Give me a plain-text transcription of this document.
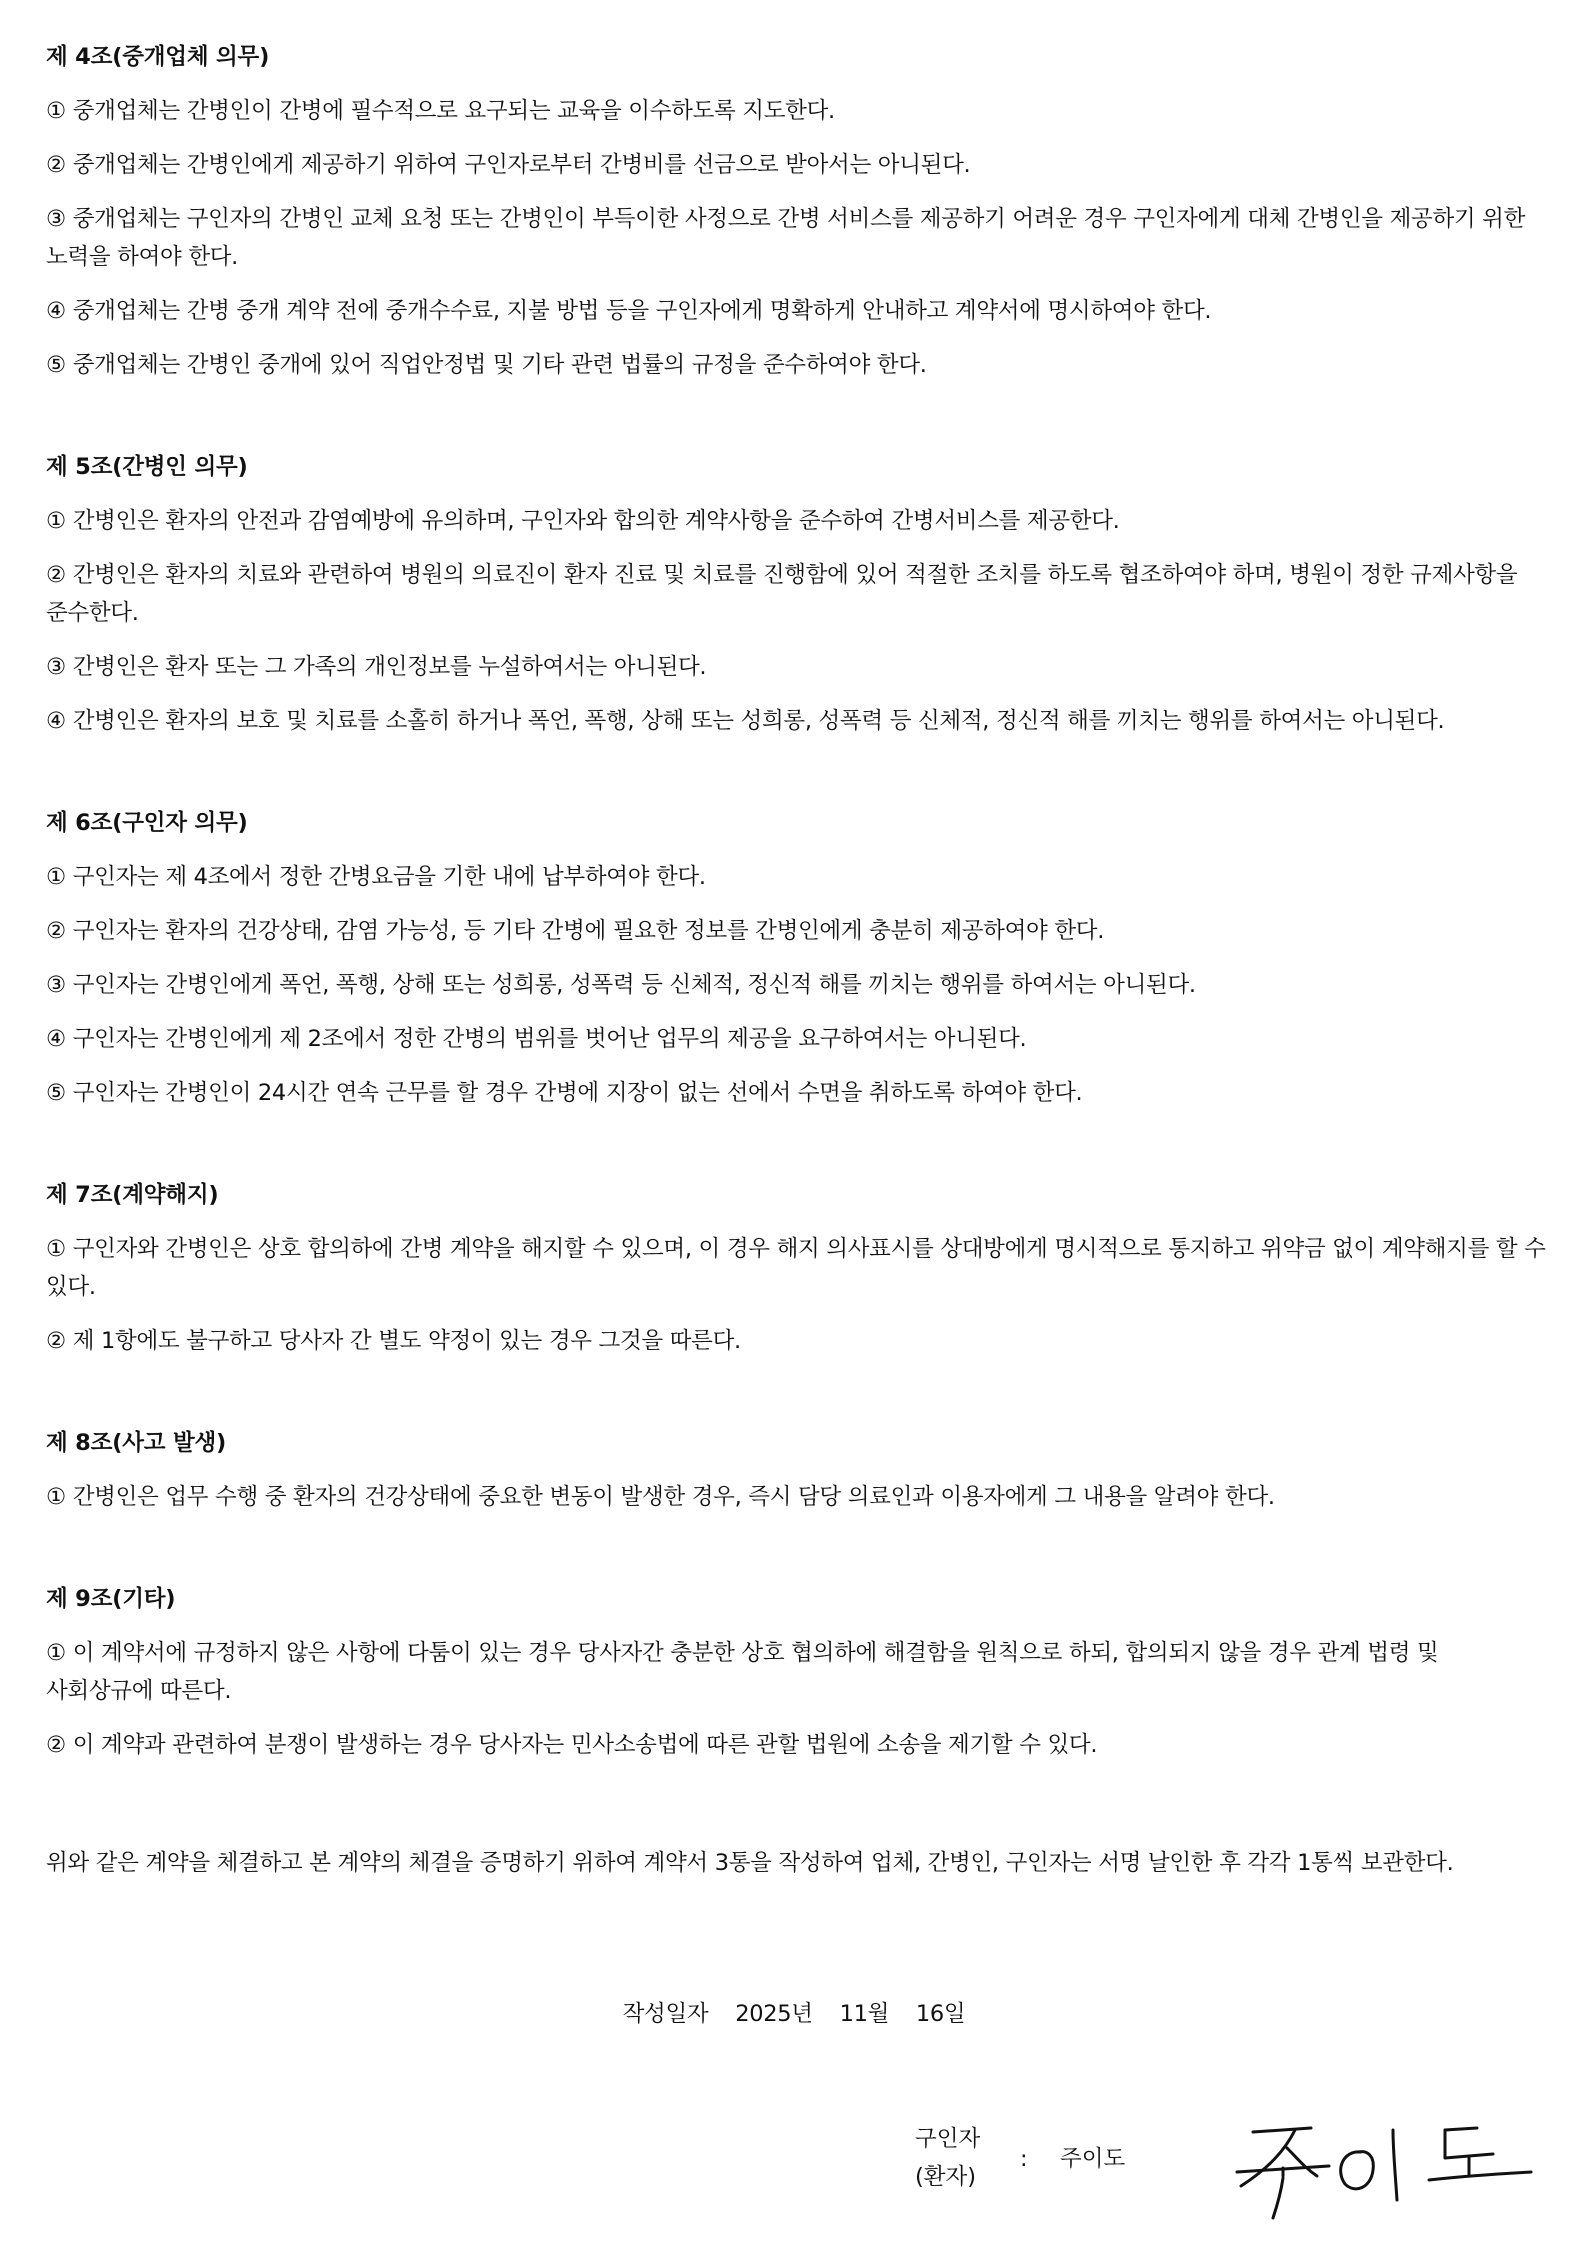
제 4조(중개업체 의무)
① 중개업체는 간병인이 간병에 필수적으로 요구되는 교육을 이수하도록 지도한다.
② 중개업체는 간병인에게 제공하기 위하여 구인자로부터 간병비를 선금으로 받아서는 아니된다.
③ 중개업체는 구인자의 간병인 교체 요청 또는 간병인이 부득이한 사정으로 간병 서비스를 제공하기 어려운 경우 구인자에게 대체 간병인을 제공하기 위한 노력을 하여야 한다.
④ 중개업체는 간병 중개 계약 전에 중개수수료, 지불 방법 등을 구인자에게 명확하게 안내하고 계약서에 명시하여야 한다.
⑤ 중개업체는 간병인 중개에 있어 직업안정법 및 기타 관련 법률의 규정을 준수하여야 한다.
제 5조(간병인 의무)
① 간병인은 환자의 안전과 감염예방에 유의하며, 구인자와 합의한 계약사항을 준수하여 간병서비스를 제공한다.
② 간병인은 환자의 치료와 관련하여 병원의 의료진이 환자 진료 및 치료를 진행함에 있어 적절한 조치를 하도록 협조하여야 하며, 병원이 정한 규제사항을 준수한다.
③ 간병인은 환자 또는 그 가족의 개인정보를 누설하여서는 아니된다.
④ 간병인은 환자의 보호 및 치료를 소홀히 하거나 폭언, 폭행, 상해 또는 성희롱, 성폭력 등 신체적, 정신적 해를 끼치는 행위를 하여서는 아니된다.
제 6조(구인자 의무)
① 구인자는 제 4조에서 정한 간병요금을 기한 내에 납부하여야 한다.
② 구인자는 환자의 건강상태, 감염 가능성, 등 기타 간병에 필요한 정보를 간병인에게 충분히 제공하여야 한다.
③ 구인자는 간병인에게 폭언, 폭행, 상해 또는 성희롱, 성폭력 등 신체적, 정신적 해를 끼치는 행위를 하여서는 아니된다.
④ 구인자는 간병인에게 제 2조에서 정한 간병의 범위를 벗어난 업무의 제공을 요구하여서는 아니된다.
⑤ 구인자는 간병인이 24시간 연속 근무를 할 경우 간병에 지장이 없는 선에서 수면을 취하도록 하여야 한다.
제 7조(계약해지)
① 구인자와 간병인은 상호 합의하에 간병 계약을 해지할 수 있으며, 이 경우 해지 의사표시를 상대방에게 명시적으로 통지하고 위약금 없이 계약해지를 할 수 있다.
② 제 1항에도 불구하고 당사자 간 별도 약정이 있는 경우 그것을 따른다.
제 8조(사고 발생)
① 간병인은 업무 수행 중 환자의 건강상태에 중요한 변동이 발생한 경우, 즉시 담당 의료인과 이용자에게 그 내용을 알려야 한다.
제 9조(기타)
① 이 계약서에 규정하지 않은 사항에 다툼이 있는 경우 당사자간 충분한 상호 협의하에 해결함을 원칙으로 하되, 합의되지 않을 경우 관계 법령 및 사회상규에 따른다.
② 이 계약과 관련하여 분쟁이 발생하는 경우 당사자는 민사소송법에 따른 관할 법원에 소송을 제기할 수 있다.
위와 같은 계약을 체결하고 본 계약의 체결을 증명하기 위하여 계약서 3통을 작성하여 업체, 간병인, 구인자는 서명 날인한 후 각각 1통씩 보관한다.
작성일자 2025년 11월 16일
구인자
(환자)
: 주이도
